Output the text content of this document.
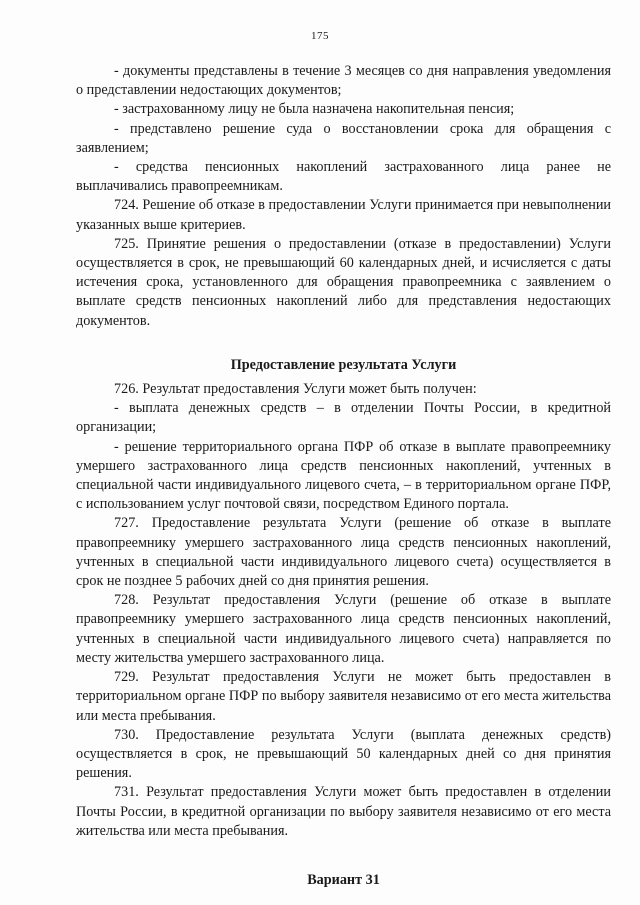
175

- документы представлены в течение 3 месяцев со дня направления уведомления о представлении недостающих документов;

- застрахованному лицу не была назначена накопительная пенсия;

- представлено решение суда о восстановлении срока для обращения с заявлением;

- средства пенсионных накоплений застрахованного лица ранее не выплачивались правопреемникам.

724. Решение об отказе в предоставлении Услуги принимается при невыполнении указанных выше критериев.

725. Принятие решения о предоставлении (отказе в предоставлении) Услуги осуществляется в срок, не превышающий 60 календарных дней, и исчисляется с даты истечения срока, установленного для обращения правопреемника с заявлением о выплате средств пенсионных накоплений либо для представления недостающих документов.

Предоставление результата Услуги

726. Результат предоставления Услуги может быть получен:

- выплата денежных средств – в отделении Почты России, в кредитной организации;

- решение территориального органа ПФР об отказе в выплате правопреемнику умершего застрахованного лица средств пенсионных накоплений, учтенных в специальной части индивидуального лицевого счета, – в территориальном органе ПФР, с использованием услуг почтовой связи, посредством Единого портала.

727. Предоставление результата Услуги (решение об отказе в выплате правопреемнику умершего застрахованного лица средств пенсионных накоплений, учтенных в специальной части индивидуального лицевого счета) осуществляется в срок не позднее 5 рабочих дней со дня принятия решения.

728. Результат предоставления Услуги (решение об отказе в выплате правопреемнику умершего застрахованного лица средств пенсионных накоплений, учтенных в специальной части индивидуального лицевого счета) направляется по месту жительства умершего застрахованного лица.

729. Результат предоставления Услуги не может быть предоставлен в территориальном органе ПФР по выбору заявителя независимо от его места жительства или места пребывания.

730. Предоставление результата Услуги (выплата денежных средств) осуществляется в срок, не превышающий 50 календарных дней со дня принятия решения.

731. Результат предоставления Услуги может быть предоставлен в отделении Почты России, в кредитной организации по выбору заявителя независимо от его места жительства или места пребывания.

Вариант 31
